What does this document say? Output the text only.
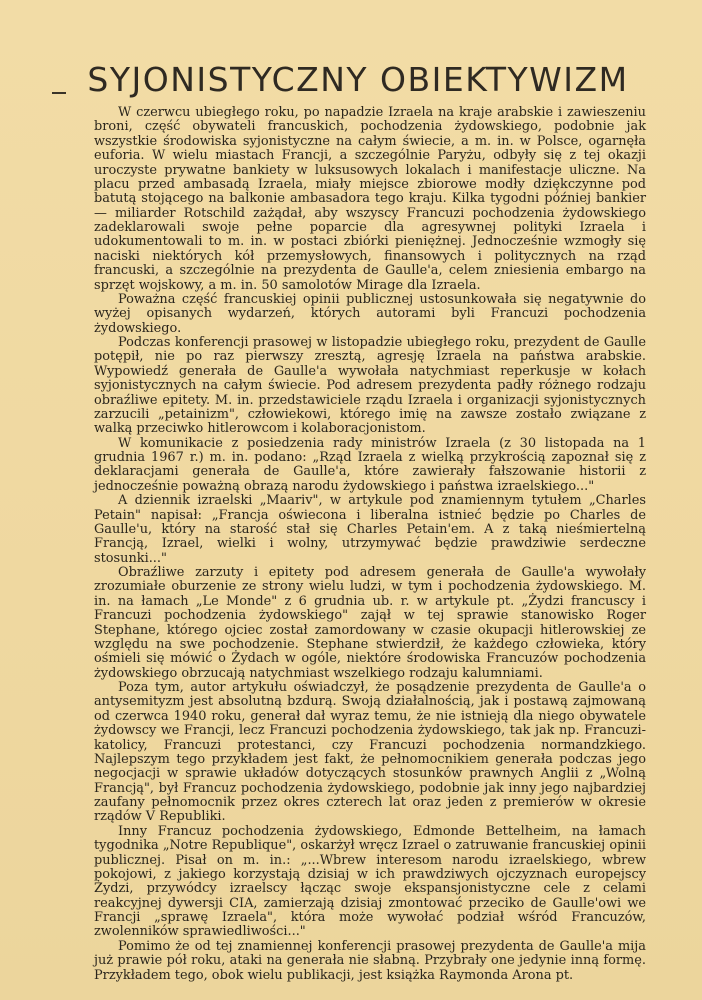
SYJONISTYCZNY OBIEKTYWIZM

W czerwcu ubiegłego roku, po napadzie Izraela na kraje arabskie i zawieszeniu broni, część obywateli francuskich, pochodzenia żydowskiego, podobnie jak wszystkie środowiska syjonistyczne na całym świecie, a m. in. w Polsce, ogarnęła euforia. W wielu miastach Francji, a szczególnie Paryżu, odbyły się z tej okazji uroczyste prywatne bankiety w luksusowych lokalach i manifestacje uliczne. Na placu przed ambasadą Izraela, miały miejsce zbiorowe modły dziękczynne pod batutą stojącego na balkonie ambasadora tego kraju. Kilka tygodni później bankier — miliarder Rotschild zażądał, aby wszyscy Francuzi pochodzenia żydowskiego zadeklarowali swoje pełne poparcie dla agresywnej polityki Izraela i udokumentowali to m. in. w postaci zbiórki pieniężnej. Jednocześnie wzmogły się naciski niektórych kół przemysłowych, finansowych i politycznych na rząd francuski, a szczególnie na prezydenta de Gaulle'a, celem zniesienia embargo na sprzęt wojskowy, a m. in. 50 samolotów Mirage dla Izraela.

Poważna część francuskiej opinii publicznej ustosunkowała się negatywnie do wyżej opisanych wydarzeń, których autorami byli Francuzi pochodzenia żydowskiego.

Podczas konferencji prasowej w listopadzie ubiegłego roku, prezydent de Gaulle potępił, nie po raz pierwszy zresztą, agresję Izraela na państwa arabskie. Wypowiedź generała de Gaulle'a wywołała natychmiast reperkusje w kołach syjonistycznych na całym świecie. Pod adresem prezydenta padły różnego rodzaju obraźliwe epitety. M. in. przedstawiciele rządu Izraela i organizacji syjonistycznych zarzucili „petainizm", człowiekowi, którego imię na zawsze zostało związane z walką przeciwko hitlerowcom i kolaboracjonistom.

W komunikacie z posiedzenia rady ministrów Izraela (z 30 listopada na 1 grudnia 1967 r.) m. in. podano: „Rząd Izraela z wielką przykrością zapoznał się z deklaracjami generała de Gaulle'a, które zawierały fałszowanie historii z jednocześnie poważną obrazą narodu żydowskiego i państwa izraelskiego..."

A dziennik izraelski „Maariv", w artykule pod znamiennym tytułem „Charles Petain" napisał: „Francja oświecona i liberalna istnieć będzie po Charles de Gaulle'u, który na starość stał się Charles Petain'em. A z taką nieśmiertelną Francją, Izrael, wielki i wolny, utrzymywać będzie prawdziwie serdeczne stosunki..."

Obraźliwe zarzuty i epitety pod adresem generała de Gaulle'a wywołały zrozumiałe oburzenie ze strony wielu ludzi, w tym i pochodzenia żydowskiego. M. in. na łamach „Le Monde" z 6 grudnia ub. r. w artykule pt. „Żydzi francuscy i Francuzi pochodzenia żydowskiego" zajął w tej sprawie stanowisko Roger Stephane, którego ojciec został zamordowany w czasie okupacji hitlerowskiej ze względu na swe pochodzenie. Stephane stwierdził, że każdego człowieka, który ośmieli się mówić o Żydach w ogóle, niektóre środowiska Francuzów pochodzenia żydowskiego obrzucają natychmiast wszelkiego rodzaju kalumniami.

Poza tym, autor artykułu oświadczył, że posądzenie prezydenta de Gaulle'a o antysemityzm jest absolutną bzdurą. Swoją działalnością, jak i postawą zajmowaną od czerwca 1940 roku, generał dał wyraz temu, że nie istnieją dla niego obywatele żydowscy we Francji, lecz Francuzi pochodzenia żydowskiego, tak jak np. Francuzi-katolicy, Francuzi protestanci, czy Francuzi pochodzenia normandzkiego. Najlepszym tego przykładem jest fakt, że pełnomocnikiem generała podczas jego negocjacji w sprawie układów dotyczących stosunków prawnych Anglii z „Wolną Francją", był Francuz pochodzenia żydowskiego, podobnie jak inny jego najbardziej zaufany pełnomocnik przez okres czterech lat oraz jeden z premierów w okresie rządów V Republiki.

Inny Francuz pochodzenia żydowskiego, Edmonde Bettelheim, na łamach tygodnika „Notre Republique", oskarżył wręcz Izrael o zatruwanie francuskiej opinii publicznej. Pisał on m. in.: „...Wbrew interesom narodu izraelskiego, wbrew pokojowi, z jakiego korzystają dzisiaj w ich prawdziwych ojczyznach europejscy Żydzi, przywódcy izraelscy łącząc swoje ekspansjonistyczne cele z celami reakcyjnej dywersji CIA, zamierzają dzisiaj zmontować przeciko de Gaulle'owi we Francji „sprawę Izraela", która może wywołać podział wśród Francuzów, zwolenników sprawiedliwości..."

Pomimo że od tej znamiennej konferencji prasowej prezydenta de Gaulle'a mija już prawie pół roku, ataki na generała nie słabną. Przybrały one jedynie inną formę. Przykładem tego, obok wielu publikacji, jest książka Raymonda Arona pt.
